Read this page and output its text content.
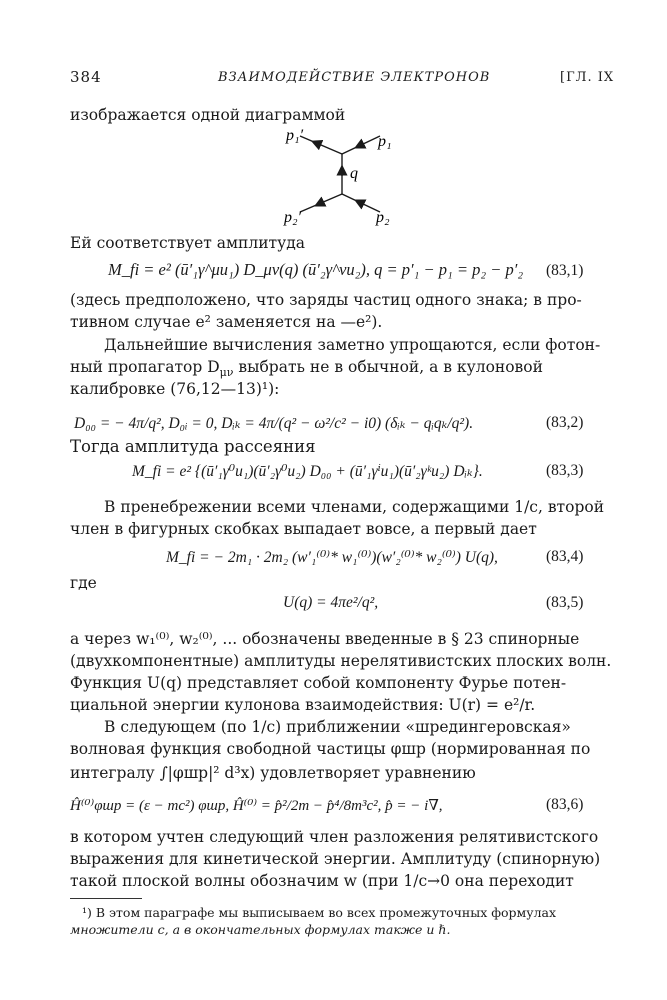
384	ВЗАИМОДЕЙСТВИЕ ЭЛЕКТРОНОВ	[ГЛ. IX
изображается одной диаграммой
p₁′	p₁
q
p₂′	p₂
Ей соответствует амплитуда
M_fi = e² (ū′₁γ^μu₁) D_μν(q) (ū′₂γ^νu₂), q = p′₁ − p₁ = p₂ − p′₂ (83,1)
(здесь предположено, что заряды частиц одного знака; в про-
тивном случае e² заменяется на —e²).
Дальнейшие вычисления заметно упрощаются, если фотон-
ный пропагатор $D_{\mu\nu}$ выбрать не в обычной, а в кулоновой
калибровке (76,12—13)¹):
D₀₀ = − 4π/q², D₀ᵢ = 0, Dᵢₖ = 4π/(q² − ω²/c² − i0) (δᵢₖ − qᵢqₖ/q²).	(83,2)
Тогда амплитуда рассеяния
M_fi = e² {(ū′₁γ⁰u₁)(ū′₂γ⁰u₂) D₀₀ + (ū′₁γⁱu₁)(ū′₂γᵏu₂) Dᵢₖ}.	(83,3)
В пренебрежении всеми членами, содержащими 1/c, второй
член в фигурных скобках выпадает вовсе, а первый дает
M_fi = − 2m₁ · 2m₂ (w′₁⁽⁰⁾* w₁⁽⁰⁾)(w′₂⁽⁰⁾* w₂⁽⁰⁾) U(q),	(83,4)
где
U(q) = 4πe²/q²,	(83,5)
а через w₁⁽⁰⁾, w₂⁽⁰⁾, ... обозначены введенные в § 23 спинорные
(двухкомпонентные) амплитуды нерелятивистских плоских волн.
Функция U(q) представляет собой компоненту Фурье потен-
циальной энергии кулонова взаимодействия: U(r) = e²/r.
В следующем (по 1/c) приближении «шредингеровская»
волновая функция свободной частицы φшр (нормированная по
интегралу ∫|φшр|² d³x) удовлетворяет уравнению
Ĥ⁽⁰⁾φшр = (ε − mc²) φшр, Ĥ⁽⁰⁾ = p̂²/2m − p̂⁴/8m³c², p̂ = − i∇,	(83,6)
в котором учтен следующий член разложения релятивистского
выражения для кинетической энергии. Амплитуду (спинорную)
такой плоской волны обозначим w (при 1/c→0 она переходит
¹) В этом параграфе мы выписываем во всех промежуточных формулах
множители c, а в окончательных формулах также и ℏ.
